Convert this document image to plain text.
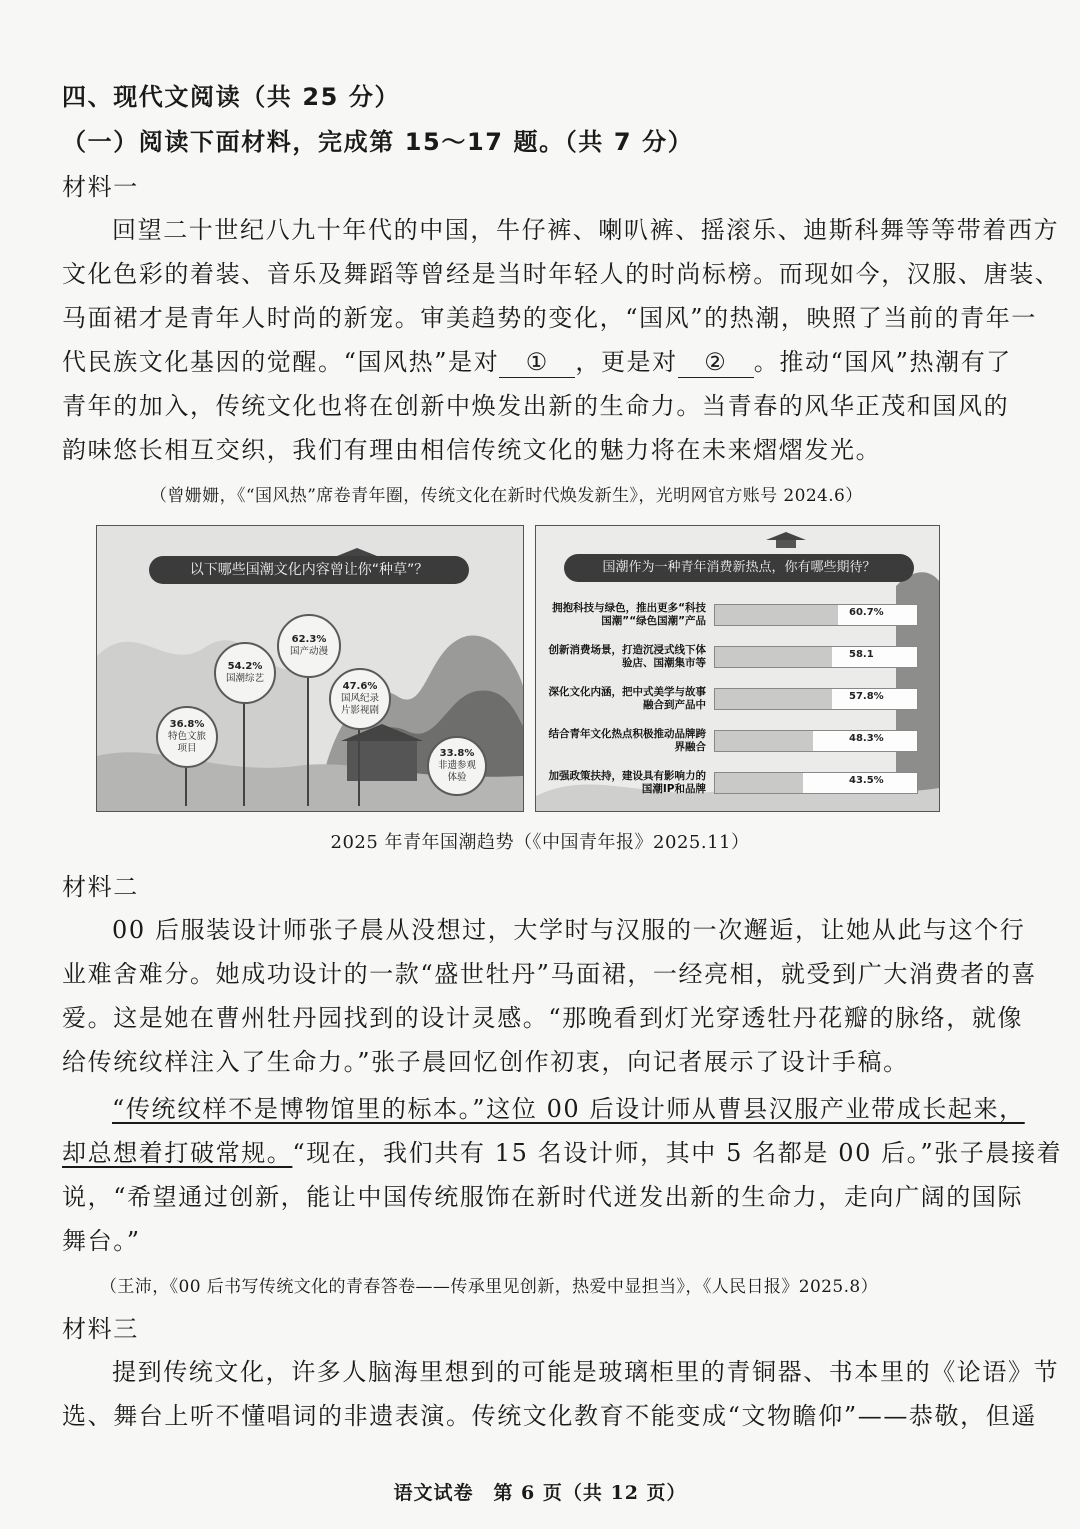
四、现代文阅读（共 25 分）
（一）阅读下面材料，完成第 15～17 题。（共 7 分）
材料一
回望二十世纪八九十年代的中国，牛仔裤、喇叭裤、摇滚乐、迪斯科舞等等带着西方
文化色彩的着装、音乐及舞蹈等曾经是当时年轻人的时尚标榜。而现如今，汉服、唐装、
马面裙才是青年人时尚的新宠。审美趋势的变化，“国风”的热潮，映照了当前的青年一
代民族文化基因的觉醒。“国风热”是对 ① ，更是对 ② 。推动“国风”热潮有了
青年的加入，传统文化也将在创新中焕发出新的生命力。当青春的风华正茂和国风的
韵味悠长相互交织，我们有理由相信传统文化的魅力将在未来熠熠发光。
（曾姗姗，《“国风热”席卷青年圈，传统文化在新时代焕发新生》，光明网官方账号 2024.6）
以下哪些国潮文化内容曾让你“种草”？
36.8%
特色文旅项目
54.2%
国潮综艺
62.3%
国产动漫
47.6%
国风纪录片影视剧
33.8%
非遗参观体验
国潮作为一种青年消费新热点，你有哪些期待？
拥抱科技与绿色，推出更多“科技国潮”“绿色国潮”产品
60.7%
创新消费场景，打造沉浸式线下体验店、国潮集市等
58.1
深化文化内涵，把中式美学与故事融合到产品中
57.8%
结合青年文化热点积极推动品牌跨界融合
48.3%
加强政策扶持，建设具有影响力的国潮IP和品牌
43.5%
2025 年青年国潮趋势（《中国青年报》2025.11）
材料二
00 后服装设计师张子晨从没想过，大学时与汉服的一次邂逅，让她从此与这个行
业难舍难分。她成功设计的一款“盛世牡丹”马面裙，一经亮相，就受到广大消费者的喜
爱。这是她在曹州牡丹园找到的设计灵感。“那晚看到灯光穿透牡丹花瓣的脉络，就像
给传统纹样注入了生命力。”张子晨回忆创作初衷，向记者展示了设计手稿。
“传统纹样不是博物馆里的标本。”这位 00 后设计师从曹县汉服产业带成长起来，
却总想着打破常规。“现在，我们共有 15 名设计师，其中 5 名都是 00 后。”张子晨接着
说，“希望通过创新，能让中国传统服饰在新时代迸发出新的生命力，走向广阔的国际
舞台。”
（王沛，《00 后书写传统文化的青春答卷——传承里见创新，热爱中显担当》，《人民日报》2025.8）
材料三
提到传统文化，许多人脑海里想到的可能是玻璃柜里的青铜器、书本里的《论语》节
选、舞台上听不懂唱词的非遗表演。传统文化教育不能变成“文物瞻仰”——恭敬，但遥
语文试卷　第 6 页（共 12 页）
